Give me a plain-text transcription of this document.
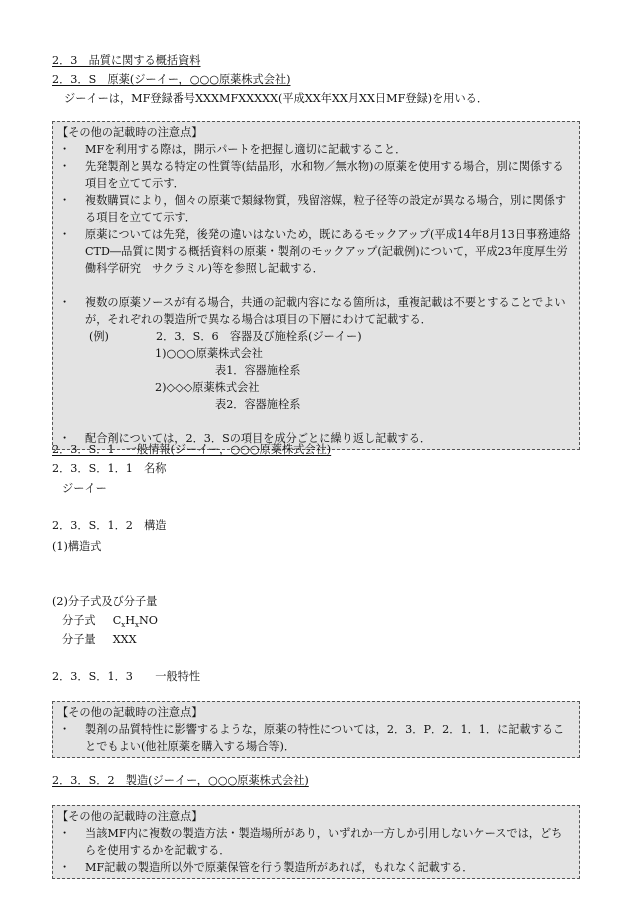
2．3　品質に関する概括資料
2．3．S　原薬(ジーイー，○○○原薬株式会社)
ジーイーは，MF登録番号XXXMFXXXXX(平成XX年XX月XX日MF登録)を用いる．
【その他の記載時の注意点】
・	MFを利用する際は，開示パートを把握し適切に記載すること．
・	先発製剤と異なる特定の性質等(結晶形，水和物／無水物)の原薬を使用する場合，別に関係する項目を立てて示す．
・	複数購買により，個々の原薬で類縁物質，残留溶媒，粒子径等の設定が異なる場合，別に関係する項目を立てて示す．
・	原薬については先発，後発の違いはないため，既にあるモックアップ(平成14年8月13日事務連絡　CTD―品質に関する概括資料の原薬・製剤のモックアップ(記載例)について，平成23年度厚生労働科学研究　サクラミル)等を参照し記載する．
・	複数の原薬ソースが有る場合，共通の記載内容になる箇所は，重複記載は不要とすることでよいが，それぞれの製造所で異なる場合は項目の下層にわけて記載する．
(例)	2．3．S．6　容器及び施栓系(ジーイー)
1)○○○原薬株式会社
表1．容器施栓系
2)◇◇◇原薬株式会社
表2．容器施栓系
・	配合剤については，2．3．Sの項目を成分ごとに繰り返し記載する．
2．3．S．1　一般情報(ジーイー，○○○原薬株式会社)
2．3．S．1．1　名称
ジーイー
2．3．S．1．2　構造
(1)構造式
(2)分子式及び分子量
分子式 $C_xH_xNO$
分子量 XXX
2．3．S．1．3　　一般特性
【その他の記載時の注意点】
・	製剤の品質特性に影響するような，原薬の特性については，2．3．P．2．1．1．に記載することでもよい(他社原薬を購入する場合等)．
2．3．S．2　製造(ジーイー，○○○原薬株式会社)
【その他の記載時の注意点】
・	当該MF内に複数の製造方法・製造場所があり，いずれか一方しか引用しないケースでは，どちらを使用するかを記載する．
・	MF記載の製造所以外で原薬保管を行う製造所があれば，もれなく記載する．
